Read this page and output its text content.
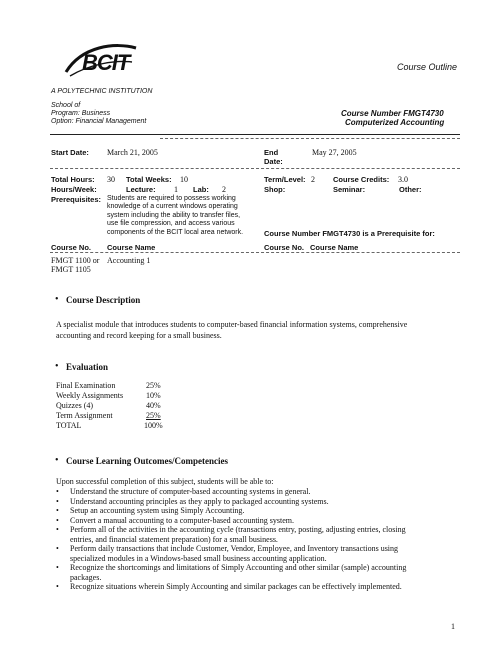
BCIT	Course Outline
A POLYTECHNIC INSTITUTION
School of
Program: Business
Option: Financial Management
Course Number FMGT4730
Computerized Accounting
Start Date: March 21, 2005	End
Date:
May 27, 2005
Total Hours: 30 Total Weeks: 10	Term/Level: 2 Course Credits: 3.0
Hours/Week:	Lecture: 1 Lab: 2	Shop:	Seminar:	Other:
Prerequisites: Students are required to possess working
knowledge of a current windows operating
system including the ability to transfer files,
use file compression, and access various
components of the BCIT local area network.	Course Number FMGT4730 is a Prerequisite for:
Course No. Course Name	Course No. Course Name
FMGT 1100 or Accounting 1
FMGT 1105
• Course Description
A specialist module that introduces students to computer-based financial information systems, comprehensive
accounting and record keeping for a small business.
• Evaluation
Final Examination	25%
Weekly Assignments	10%
Quizzes (4)	40%
Term Assignment	25%
TOTAL	100%
• Course Learning Outcomes/Competencies
Upon successful completion of this subject, students will be able to:
• Understand the structure of computer-based accounting systems in general.
• Understand accounting principles as they apply to packaged accounting systems.
• Setup an accounting system using Simply Accounting.
• Convert a manual accounting to a computer-based accounting system.
• Perform all of the activities in the accounting cycle (transactions entry, posting, adjusting entries, closing
entries, and financial statement preparation) for a small business.
• Perform daily transactions that include Customer, Vendor, Employee, and Inventory transactions using
specialized modules in a Windows-based small business accounting application.
• Recognize the shortcomings and limitations of Simply Accounting and other similar (sample) accounting
packages.
• Recognize situations wherein Simply Accounting and similar packages can be effectively implemented.
1
